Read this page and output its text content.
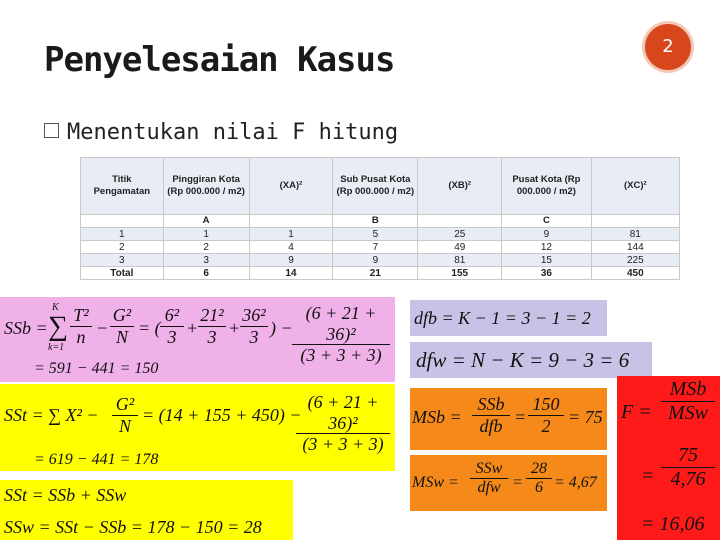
Penyelesaian Kasus	2
Menentukan nilai F hitung
Titik Pengamatan	Pinggiran Kota (Rp 000.000 / m2)	(XA)²	Sub Pusat Kota (Rp 000.000 / m2)	(XB)²	Pusat Kota (Rp 000.000 / m2)	(XC)²
	A		B		C	
1	1	1	5	25	9	81
2	2	4	7	49	12	144
3	3	9	9	81	15	225
Total	6	14	21	155	36	450
SSb =
K
∑
k=1
$\frac{\text{T²}}{n} - \frac{\text{G²}}{N}$ = ( $\frac{\text{6²}}{3} + \frac{\text{21²}}{3} + \frac{\text{36²}}{3}$ ) − $\frac{\text{(6 + 21 + 36)²}}{(3 + 3 + 3)}$
= 591 − 441 = 150
SSt = ∑ $X^2 - \frac{\text{G²}}{N} = (14 + 155 + 450)$ −
$\frac{\text{(6 + 21 + 36)²}}{(3 + 3 + 3)}$
= 619 − 441 = 178
SSt = SSb + SSw
SSw = SSt − SSb = 178 − 150 = 28
dfb = K − 1 = 3 − 1 = 2
dfw = N − K = 9 − 3 = 6
MSb =
SSb
dfb = $\frac{150}{2} = 75$
MSw =
SSw
dfw = $\frac{28}{6} = 4,67$
F =
MSb
MSw
= $\frac{75}{4,76}$
= 16,06
